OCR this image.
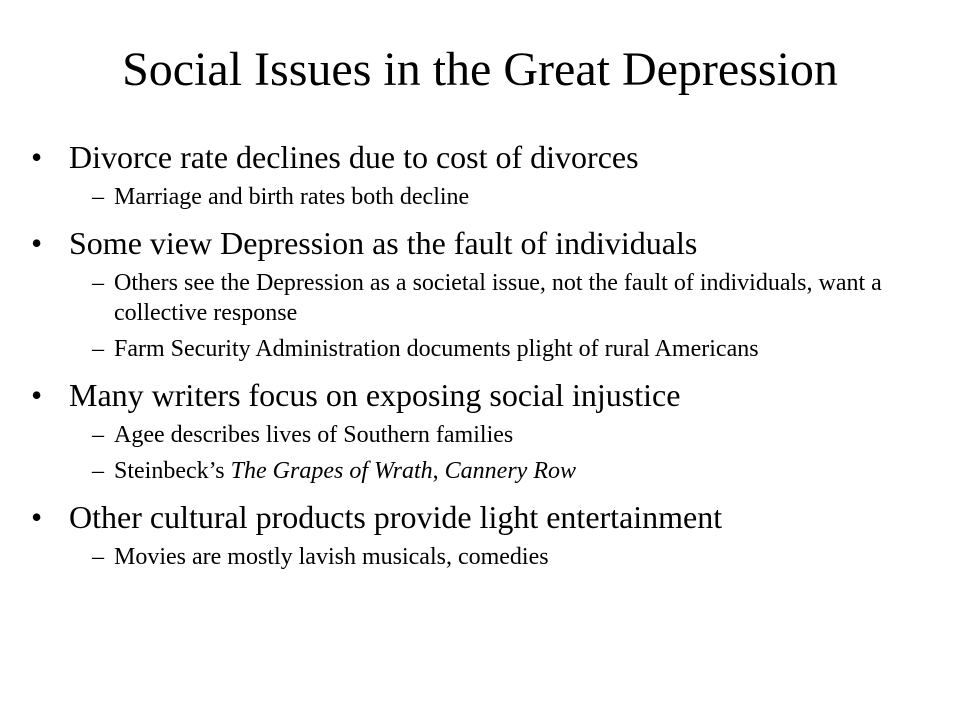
Social Issues in the Great Depression
• Divorce rate declines due to cost of divorces
– Marriage and birth rates both decline
• Some view Depression as the fault of individuals
– Others see the Depression as a societal issue, not the fault of individuals, want a collective response
– Farm Security Administration documents plight of rural Americans
• Many writers focus on exposing social injustice
– Agee describes lives of Southern families
– Steinbeck’s The Grapes of Wrath, Cannery Row
• Other cultural products provide light entertainment
– Movies are mostly lavish musicals, comedies
